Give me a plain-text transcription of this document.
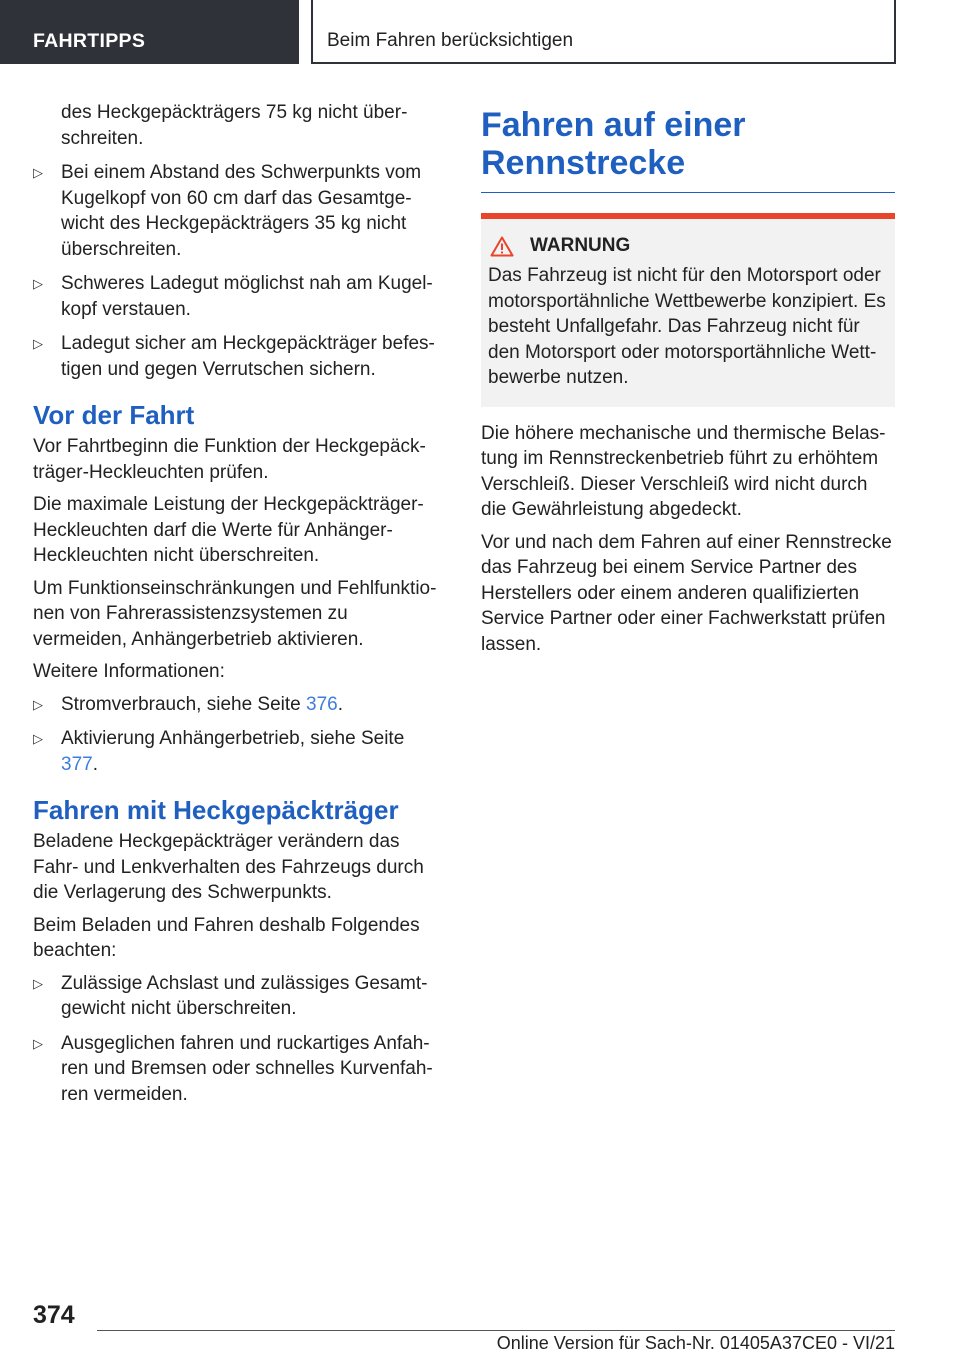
FAHRTIPPS	Beim Fahren berücksichtigen
des Heckgepäckträgers 75 kg nicht über‐schreiten.
▷ Bei einem Abstand des Schwerpunkts vom Kugelkopf von 60 cm darf das Gesamtge‐wicht des Heckgepäckträgers 35 kg nicht überschreiten.
▷ Schweres Ladegut möglichst nah am Kugel‐kopf verstauen.
▷ Ladegut sicher am Heckgepäckträger befes‐tigen und gegen Verrutschen sichern.
Vor der Fahrt

Vor Fahrtbeginn die Funktion der Heckgepäck‐träger-Heckleuchten prüfen.

Die maximale Leistung der Heckgepäckträger-Heckleuchten darf die Werte für Anhänger-Heckleuchten nicht überschreiten.

Um Funktionseinschränkungen und Fehlfunktio‐nen von Fahrerassistenzsystemen zu vermeiden, Anhängerbetrieb aktivieren.

Weitere Informationen:

▷ Stromverbrauch, siehe Seite 376.
▷ Aktivierung Anhängerbetrieb, siehe Seite 377.
Fahren mit Heckgepäckträger

Beladene Heckgepäckträger verändern das Fahr- und Lenkverhalten des Fahrzeugs durch die Verlagerung des Schwerpunkts.

Beim Beladen und Fahren deshalb Folgendes beachten:

▷ Zulässige Achslast und zulässiges Gesamt‐gewicht nicht überschreiten.
▷ Ausgeglichen fahren und ruckartiges Anfah‐ren und Bremsen oder schnelles Kurvenfah‐ren vermeiden.
Fahren auf einer Rennstrecke
WARNUNG

Das Fahrzeug ist nicht für den Motorsport oder motorsportähnliche Wettbewerbe konzipiert. Es besteht Unfallgefahr. Das Fahrzeug nicht für den Motorsport oder motorsportähnliche Wett‐bewerbe nutzen.

Die höhere mechanische und thermische Belas‐tung im Rennstreckenbetrieb führt zu erhöhtem Verschleiß. Dieser Verschleiß wird nicht durch die Gewährleistung abgedeckt.

Vor und nach dem Fahren auf einer Rennstrecke das Fahrzeug bei einem Service Partner des Herstellers oder einem anderen qualifizierten Service Partner oder einer Fachwerkstatt prüfen lassen.

374
Online Version für Sach-Nr. 01405A37CE0 - VI/21
